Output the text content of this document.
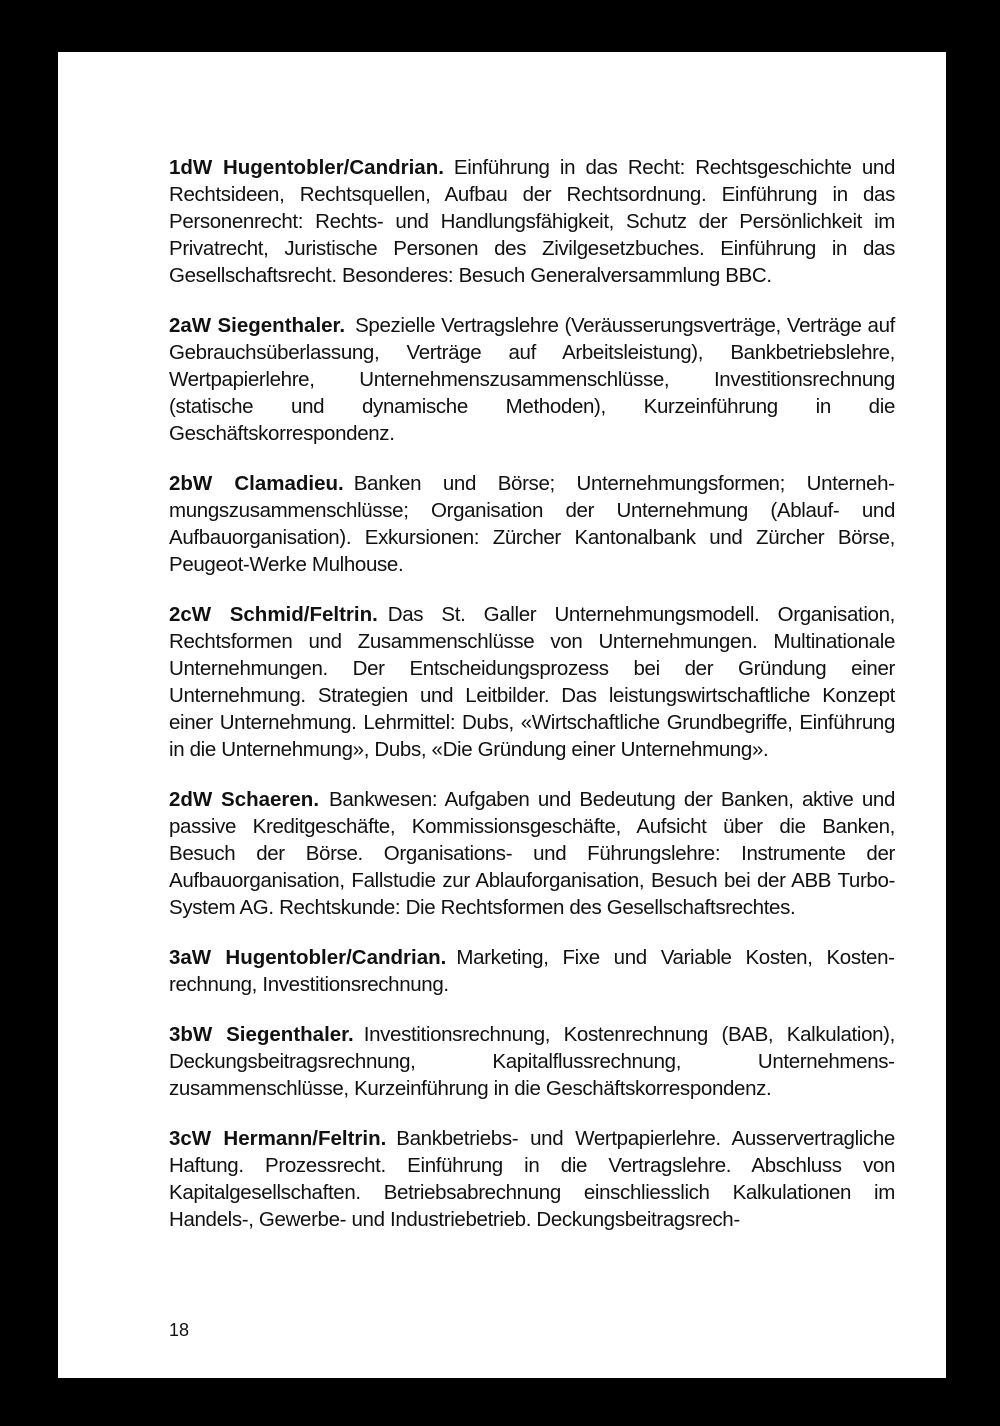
1dW Hugentobler/Candrian. Einführung in das Recht: Rechtsgeschichte und Rechtsideen, Rechtsquellen, Aufbau der Rechtsordnung. Einführung in das Personenrecht: Rechts- und Handlungsfähigkeit, Schutz der Persönlichkeit im Privatrecht, Juristische Personen des Zivilgesetzbuches. Einführung in das Gesellschaftsrecht. Besonderes: Besuch Generalversammlung BBC.

2aW Siegenthaler. Spezielle Vertragslehre (Veräusserungsverträge, Verträge auf Gebrauchsüberlassung, Verträge auf Arbeitsleistung), Bankbetriebslehre, Wertpapierlehre, Unternehmenszusammenschlüsse, Investitionsrechnung (statische und dynamische Methoden), Kurzeinführung in die Geschäftskorrespondenz.

2bW Clamadieu. Banken und Börse; Unternehmungsformen; Unternehmungszusammenschlüsse; Organisation der Unternehmung (Ablauf- und Aufbauorganisation). Exkursionen: Zürcher Kantonalbank und Zürcher Börse, Peugeot-Werke Mulhouse.

2cW Schmid/Feltrin. Das St. Galler Unternehmungsmodell. Organisation, Rechtsformen und Zusammenschlüsse von Unternehmungen. Multinationale Unternehmungen. Der Entscheidungsprozess bei der Gründung einer Unternehmung. Strategien und Leitbilder. Das leistungswirtschaftliche Konzept einer Unternehmung. Lehrmittel: Dubs, «Wirtschaftliche Grundbegriffe, Einführung in die Unternehmung», Dubs, «Die Gründung einer Unternehmung».

2dW Schaeren. Bankwesen: Aufgaben und Bedeutung der Banken, aktive und passive Kreditgeschäfte, Kommissionsgeschäfte, Aufsicht über die Banken, Besuch der Börse. Organisations- und Führungslehre: Instrumente der Aufbauorganisation, Fallstudie zur Ablauforganisation, Besuch bei der ABB Turbo-System AG. Rechtskunde: Die Rechtsformen des Gesellschaftsrechtes.

3aW Hugentobler/Candrian. Marketing, Fixe und Variable Kosten, Kostenrechnung, Investitionsrechnung.

3bW Siegenthaler. Investitionsrechnung, Kostenrechnung (BAB, Kalkulation), Deckungsbeitragsrechnung, Kapitalflussrechnung, Unternehmenszusammenschlüsse, Kurzeinführung in die Geschäftskorrespondenz.

3cW Hermann/Feltrin. Bankbetriebs- und Wertpapierlehre. Ausservertragliche Haftung. Prozessrecht. Einführung in die Vertragslehre. Abschluss von Kapitalgesellschaften. Betriebsabrechnung einschliesslich Kalkulationen im Handels-, Gewerbe- und Industriebetrieb. Deckungsbeitragsrech-

18
